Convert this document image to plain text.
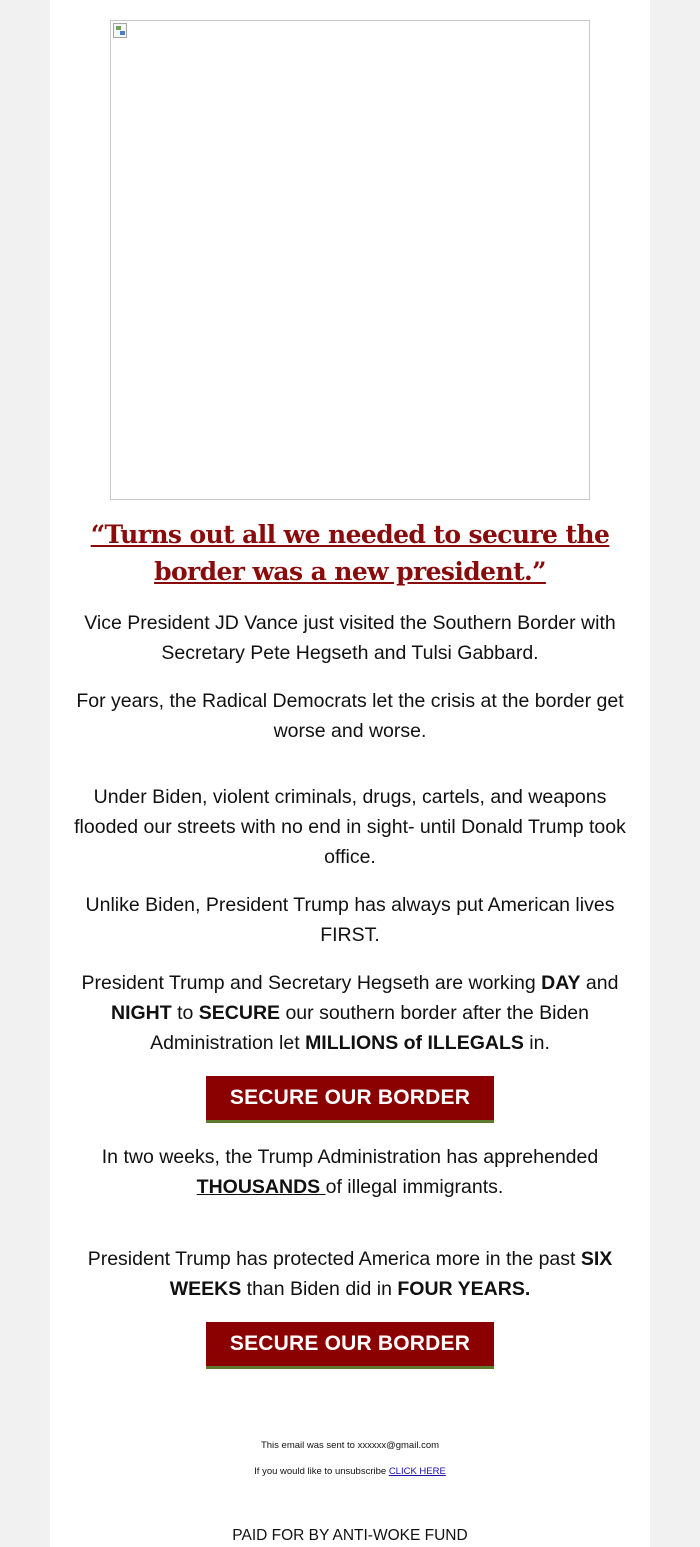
“Turns out all we needed to secure the border was a new president.”

Vice President JD Vance just visited the Southern Border with Secretary Pete Hegseth and Tulsi Gabbard.

For years, the Radical Democrats let the crisis at the border get worse and worse.

Under Biden, violent criminals, drugs, cartels, and weapons flooded our streets with no end in sight- until Donald Trump took office.

Unlike Biden, President Trump has always put American lives FIRST.

President Trump and Secretary Hegseth are working DAY and NIGHT to SECURE our southern border after the Biden Administration let MILLIONS of ILLEGALS in.

SECURE OUR BORDER

In two weeks, the Trump Administration has apprehended THOUSANDS of illegal immigrants.

President Trump has protected America more in the past SIX WEEKS than Biden did in FOUR YEARS.

SECURE OUR BORDER

This email was sent to xxxxxx@gmail.com

If you would like to unsubscribe CLICK HERE

PAID FOR BY ANTI-WOKE FUND
